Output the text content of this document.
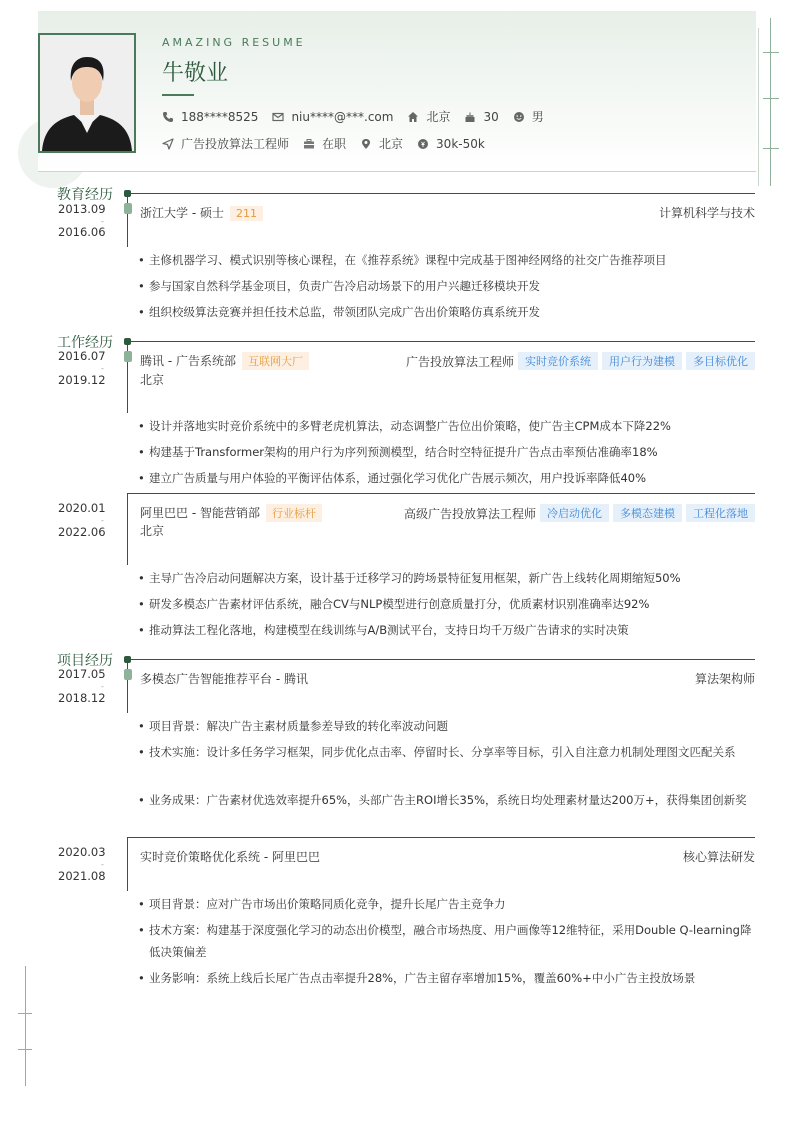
AMAZING RESUME
牛敬业
188****8525	niu****@***.com	北京	30	男
广告投放算法工程师	在职	北京	30k-50k
教育经历
2013.09
-
2016.06
浙江大学 - 硕士 211	计算机科学与技术
• 主修机器学习、模式识别等核心课程，在《推荐系统》课程中完成基于图神经网络的社交广告推荐项目
• 参与国家自然科学基金项目，负责广告冷启动场景下的用户兴趣迁移模块开发
• 组织校级算法竞赛并担任技术总监，带领团队完成广告出价策略仿真系统开发
工作经历
2016.07
-
2019.12
腾讯 - 广告系统部 互联网大厂
北京
广告投放算法工程师	实时竞价系统	用户行为建模	多目标优化
• 设计并落地实时竞价系统中的多臂老虎机算法，动态调整广告位出价策略，使广告主CPM成本下降22%
• 构建基于Transformer架构的用户行为序列预测模型，结合时空特征提升广告点击率预估准确率18%
• 建立广告质量与用户体验的平衡评估体系，通过强化学习优化广告展示频次，用户投诉率降低40%
2020.01
-
2022.06
阿里巴巴 - 智能营销部 行业标杆
北京
高级广告投放算法工程师	冷启动优化	多模态建模	工程化落地
• 主导广告冷启动问题解决方案，设计基于迁移学习的跨场景特征复用框架，新广告上线转化周期缩短50%
• 研发多模态广告素材评估系统，融合CV与NLP模型进行创意质量打分，优质素材识别准确率达92%
• 推动算法工程化落地，构建模型在线训练与A/B测试平台，支持日均千万级广告请求的实时决策
项目经历
2017.05
-
2018.12
多模态广告智能推荐平台 - 腾讯	算法架构师
• 项目背景：解决广告主素材质量参差导致的转化率波动问题
• 技术实施：设计多任务学习框架，同步优化点击率、停留时长、分享率等目标，引入自注意力机制处理图文匹配关系
• 业务成果：广告素材优选效率提升65%，头部广告主ROI增长35%，系统日均处理素材量达200万+，获得集团创新奖
2020.03
-
2021.08
实时竞价策略优化系统 - 阿里巴巴	核心算法研发
• 项目背景：应对广告市场出价策略同质化竞争，提升长尾广告主竞争力
• 技术方案：构建基于深度强化学习的动态出价模型，融合市场热度、用户画像等12维特征，采用Double Q-learning降低决策偏差
• 业务影响：系统上线后长尾广告点击率提升28%，广告主留存率增加15%，覆盖60%+中小广告主投放场景
